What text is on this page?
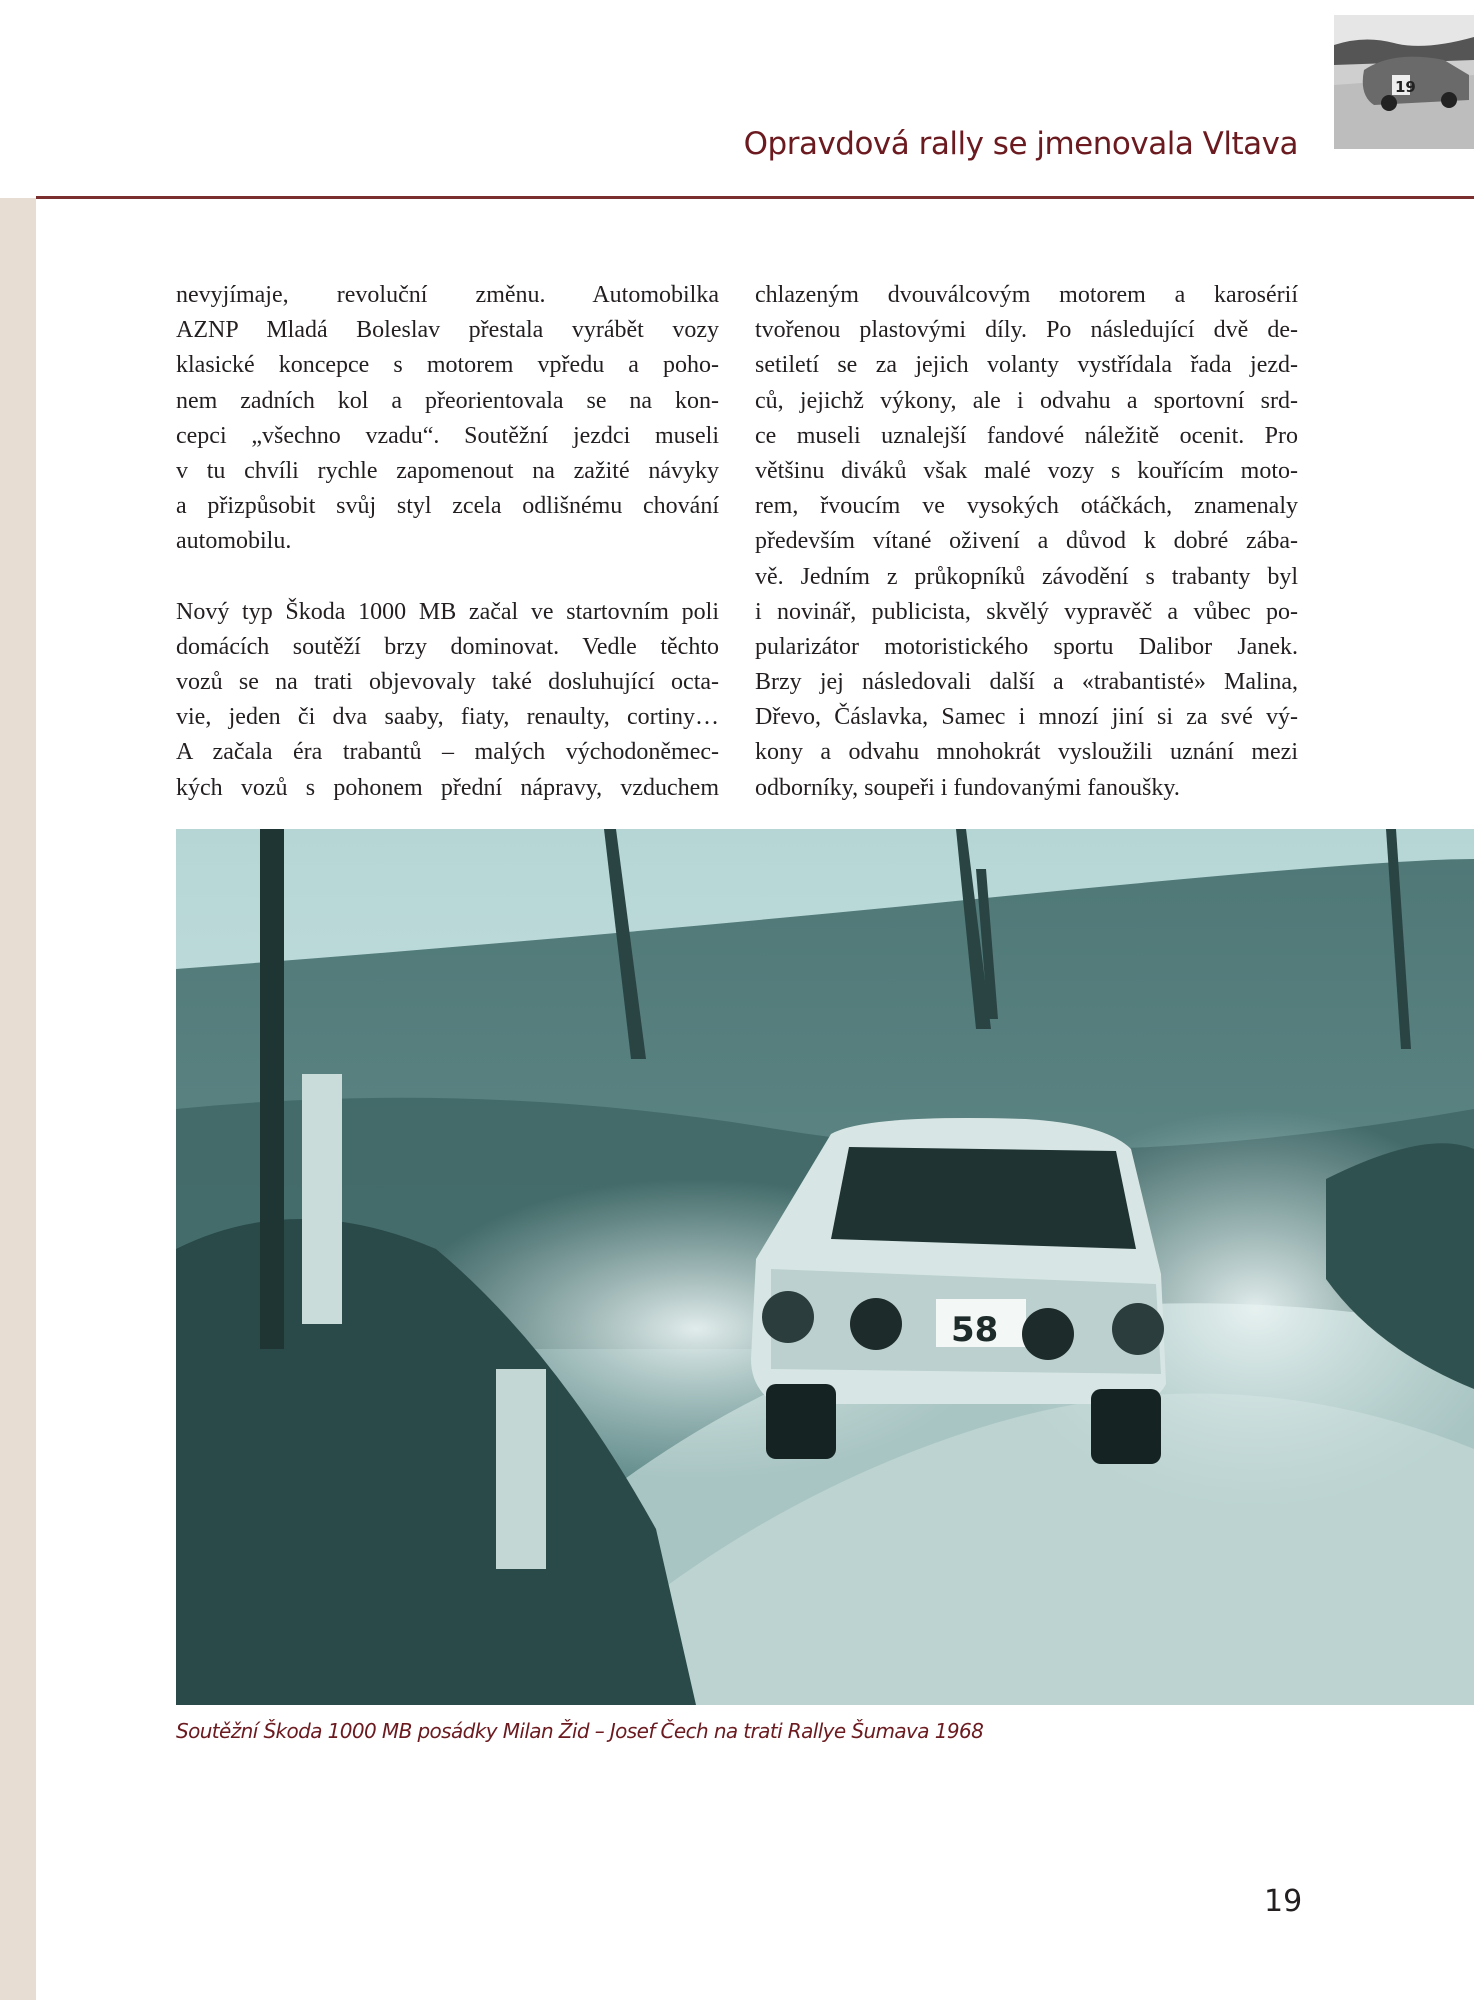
19
Opravdová rally se jmenovala Vltava
nevyjímaje, revoluční změnu. Automobilka
AZNP Mladá Boleslav přestala vyrábět vozy
klasické koncepce s motorem vpředu a poho-
nem zadních kol a přeorientovala se na kon-
cepci „všechno vzadu“. Soutěžní jezdci museli
v tu chvíli rychle zapomenout na zažité návyky
a přizpůsobit svůj styl zcela odlišnému chování
automobilu.
Nový typ Škoda 1000 MB začal ve startovním poli
domácích soutěží brzy dominovat. Vedle těchto
vozů se na trati objevovaly také dosluhující octa-
vie, jeden či dva saaby, fiaty, renaulty, cortiny…
A začala éra trabantů – malých východoněmec-
kých vozů s pohonem přední nápravy, vzduchem
chlazeným dvouválcovým motorem a karosérií
tvořenou plastovými díly. Po následující dvě de-
setiletí se za jejich volanty vystřídala řada jezd-
ců, jejichž výkony, ale i odvahu a sportovní srd-
ce museli uznalejší fandové náležitě ocenit. Pro
většinu diváků však malé vozy s kouřícím moto-
rem, řvoucím ve vysokých otáčkách, znamenaly
především vítané oživení a důvod k dobré zába-
vě. Jedním z průkopníků závodění s trabanty byl
i novinář, publicista, skvělý vypravěč a vůbec po-
pularizátor motoristického sportu Dalibor Janek.
Brzy jej následovali další a «trabantisté» Malina,
Dřevo, Čáslavka, Samec i mnozí jiní si za své vý-
kony a odvahu mnohokrát vysloužili uznání mezi
odborníky, soupeři i fundovanými fanoušky.
58
Soutěžní Škoda 1000 MB posádky Milan Žid – Josef Čech na trati Rallye Šumava 1968
19
